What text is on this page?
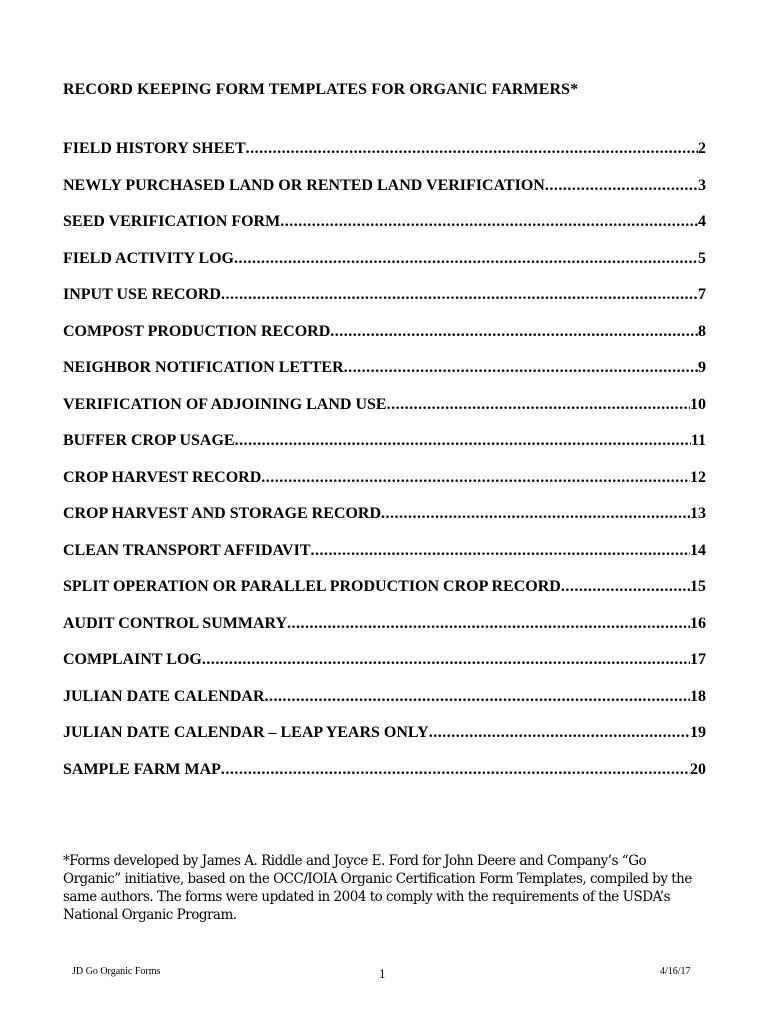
RECORD KEEPING FORM TEMPLATES FOR ORGANIC FARMERS*
FIELD HISTORY SHEET .....	2
NEWLY PURCHASED LAND OR RENTED LAND VERIFICATION .....	3
SEED VERIFICATION FORM .....	4
FIELD ACTIVITY LOG .....	5
INPUT USE RECORD .....	7
COMPOST PRODUCTION RECORD .....	8
NEIGHBOR NOTIFICATION LETTER .....	9
VERIFICATION OF ADJOINING LAND USE .....	10
BUFFER CROP USAGE .....	11
CROP HARVEST RECORD .....	12
CROP HARVEST AND STORAGE RECORD .....	13
CLEAN TRANSPORT AFFIDAVIT .....	14
SPLIT OPERATION OR PARALLEL PRODUCTION CROP RECORD .....	15
AUDIT CONTROL SUMMARY .....	16
COMPLAINT LOG .....	17
JULIAN DATE CALENDAR .....	18
JULIAN DATE CALENDAR – LEAP YEARS ONLY .....	19
SAMPLE FARM MAP .....	20

*Forms developed by James A. Riddle and Joyce E. Ford for John Deere and Company’s “Go Organic” initiative, based on the OCC/IOIA Organic Certification Form Templates, compiled by the same authors. The forms were updated in 2004 to comply with the requirements of the USDA’s National Organic Program.

JD Go Organic Forms	1	4/16/17
